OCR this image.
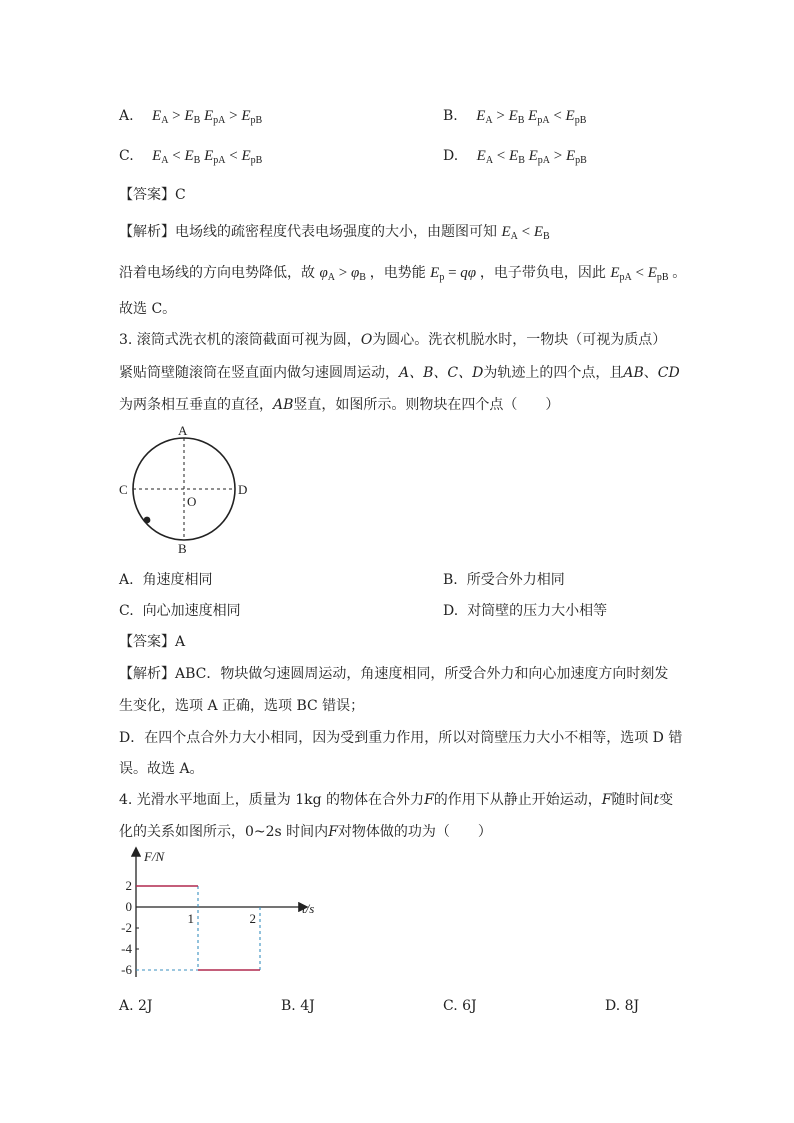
A. $E_A > E_B$ $E_{pA} > E_{pB}$	B. $E_A > E_B$ $E_{pA} < E_{pB}$
C. $E_A < E_B$ $E_{pA} < E_{pB}$	D. $E_A < E_B$ $E_{pA} > E_{pB}$
【答案】C
【解析】电场线的疏密程度代表电场强度的大小，由题图可知 $E_A < E_B$
沿着电场线的方向电势降低，故 $\varphi_A > \varphi_B$ ，电势能 $E_p = q\varphi$ ，电子带负电，因此 $E_{pA} < E_{pB}$ 。
故选 C。
3. 滚筒式洗衣机的滚筒截面可视为圆，O为圆心。洗衣机脱水时，一物块（可视为质点）
紧贴筒壁随滚筒在竖直面内做匀速圆周运动，A、B、C、D为轨迹上的四个点，且AB、CD
为两条相互垂直的直径，AB竖直，如图所示。则物块在四个点（　　）
A
B
C	D
O
A. 角速度相同	B. 所受合外力相同
C. 向心加速度相同	D. 对筒壁的压力大小相等
【答案】A
【解析】ABC．物块做匀速圆周运动，角速度相同，所受合外力和向心加速度方向时刻发
生变化，选项 A 正确，选项 BC 错误；
D．在四个点合外力大小相同，因为受到重力作用，所以对筒壁压力大小不相等，选项 D 错
误。故选 A。
4. 光滑水平地面上，质量为 1kg 的物体在合外力F的作用下从静止开始运动，F随时间t变
化的关系如图所示，0~2s 时间内F对物体做的功为（　　）
F/N
t/s
2
0
-2
-4
-6
1	2
A. 2J	B. 4J	C. 6J	D. 8J
